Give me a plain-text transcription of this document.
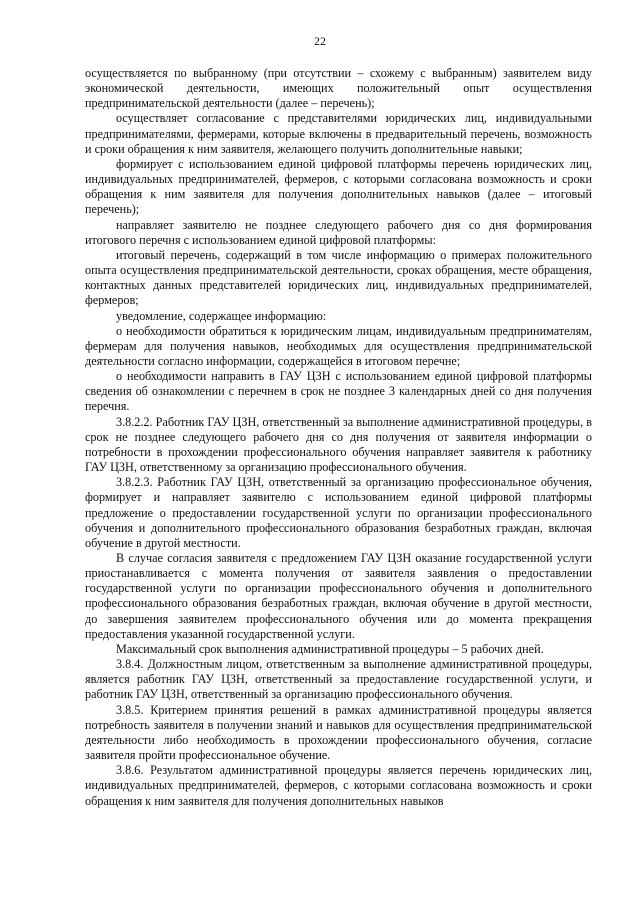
22

осуществляется по выбранному (при отсутствии – схожему с выбранным) заявителем виду экономической деятельности, имеющих положительный опыт осуществления предпринимательской деятельности (далее – перечень);

осуществляет согласование с представителями юридических лиц, индивидуальными предпринимателями, фермерами, которые включены в предварительный перечень, возможность и сроки обращения к ним заявителя, желающего получить дополнительные навыки;

формирует с использованием единой цифровой платформы перечень юридических лиц, индивидуальных предпринимателей, фермеров, с которыми согласована возможность и сроки обращения к ним заявителя для получения дополнительных навыков (далее – итоговый перечень);

направляет заявителю не позднее следующего рабочего дня со дня формирования итогового перечня с использованием единой цифровой платформы:

итоговый перечень, содержащий в том числе информацию о примерах положительного опыта осуществления предпринимательской деятельности, сроках обращения, месте обращения, контактных данных представителей юридических лиц, индивидуальных предпринимателей, фермеров;

уведомление, содержащее информацию:

о необходимости обратиться к юридическим лицам, индивидуальным предпринимателям, фермерам для получения навыков, необходимых для осуществления предпринимательской деятельности согласно информации, содержащейся в итоговом перечне;

о необходимости направить в ГАУ ЦЗН с использованием единой цифровой платформы сведения об ознакомлении с перечнем в срок не позднее 3 календарных дней со дня получения перечня.

3.8.2.2. Работник ГАУ ЦЗН, ответственный за выполнение административной процедуры, в срок не позднее следующего рабочего дня со дня получения от заявителя информации о потребности в прохождении профессионального обучения направляет заявителя к работнику ГАУ ЦЗН, ответственному за организацию профессионального обучения.

3.8.2.3. Работник ГАУ ЦЗН, ответственный за организацию профессиональное обучения, формирует и направляет заявителю с использованием единой цифровой платформы предложение о предоставлении государственной услуги по организации профессионального обучения и дополнительного профессионального образования безработных граждан, включая обучение в другой местности.

В случае согласия заявителя с предложением ГАУ ЦЗН оказание государственной услуги приостанавливается с момента получения от заявителя заявления о предоставлении государственной услуги по организации профессионального обучения и дополнительного профессионального образования безработных граждан, включая обучение в другой местности, до завершения заявителем профессионального обучения или до момента прекращения предоставления указанной государственной услуги.

Максимальный срок выполнения административной процедуры – 5 рабочих дней.

3.8.4. Должностным лицом, ответственным за выполнение административной процедуры, является работник ГАУ ЦЗН, ответственный за предоставление государственной услуги, и работник ГАУ ЦЗН, ответственный за организацию профессионального обучения.

3.8.5. Критерием принятия решений в рамках административной процедуры является потребность заявителя в получении знаний и навыков для осуществления предпринимательской деятельности либо необходимость в прохождении профессионального обучения, согласие заявителя пройти профессиональное обучение.

3.8.6. Результатом административной процедуры является перечень юридических лиц, индивидуальных предпринимателей, фермеров, с которыми согласована возможность и сроки обращения к ним заявителя для получения дополнительных навыков
